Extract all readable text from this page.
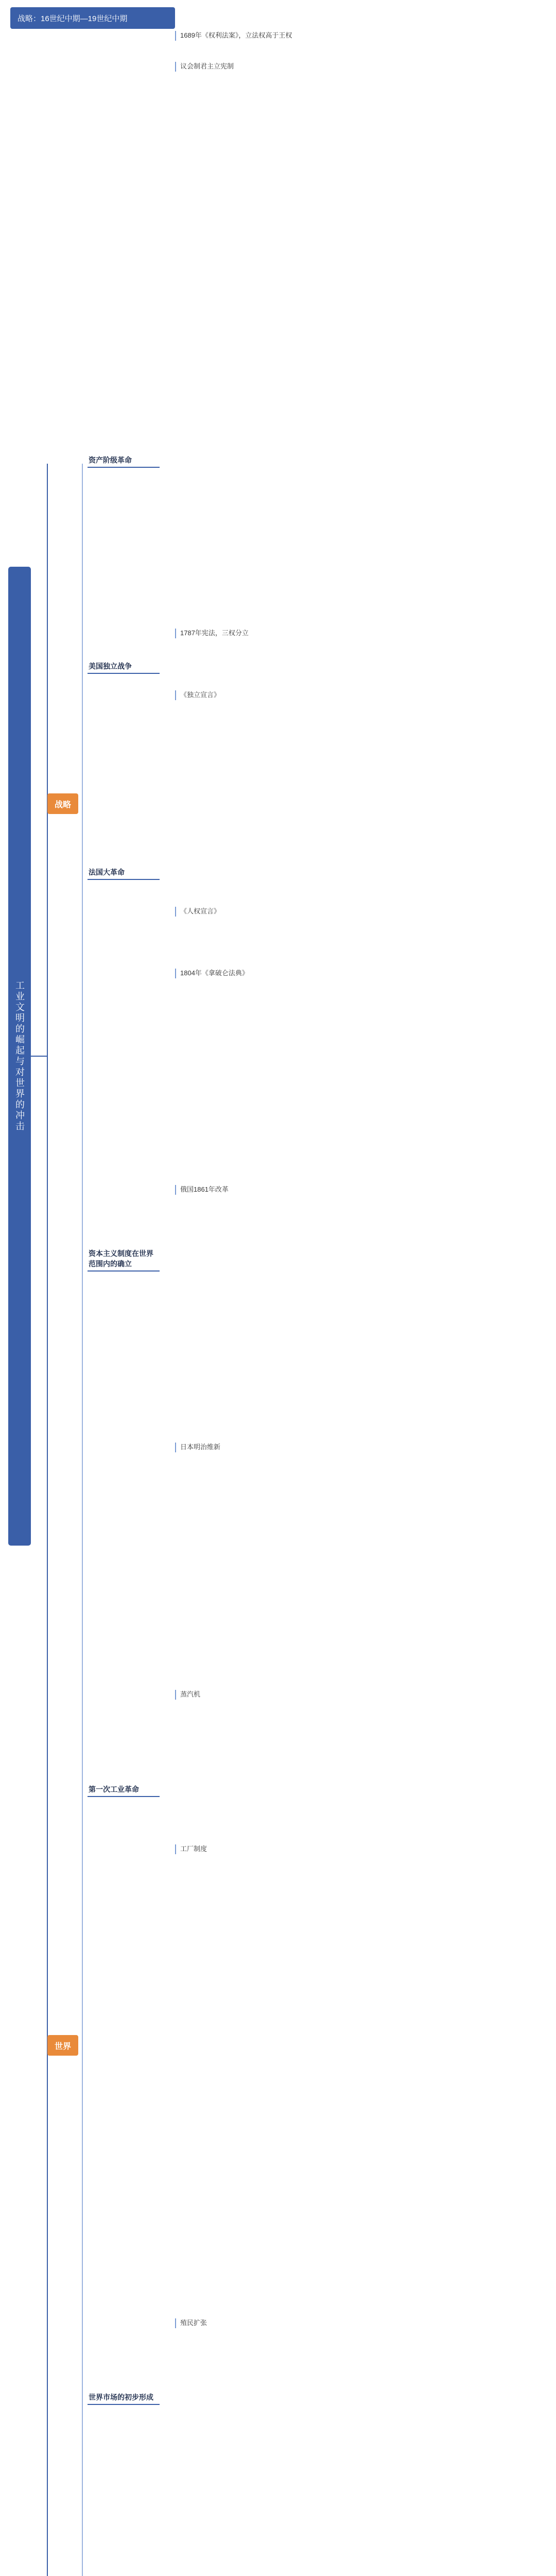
战略：16世纪中期—19世纪中期
工业文明的崛起与对世界的冲击
战略
世界
资产阶级革命
美国独立战争
法国大革命
资本主义制度在世界范围内的确立
第一次工业革命
世界市场的初步形成
1689年《权利法案》，立法权高于王权
议会制君主立宪制
1787年宪法，三权分立
《独立宣言》
《人权宣言》
1804年《拿破仑法典》
俄国1861年改革
日本明治维新
蒸汽机
工厂制度
殖民扩张
